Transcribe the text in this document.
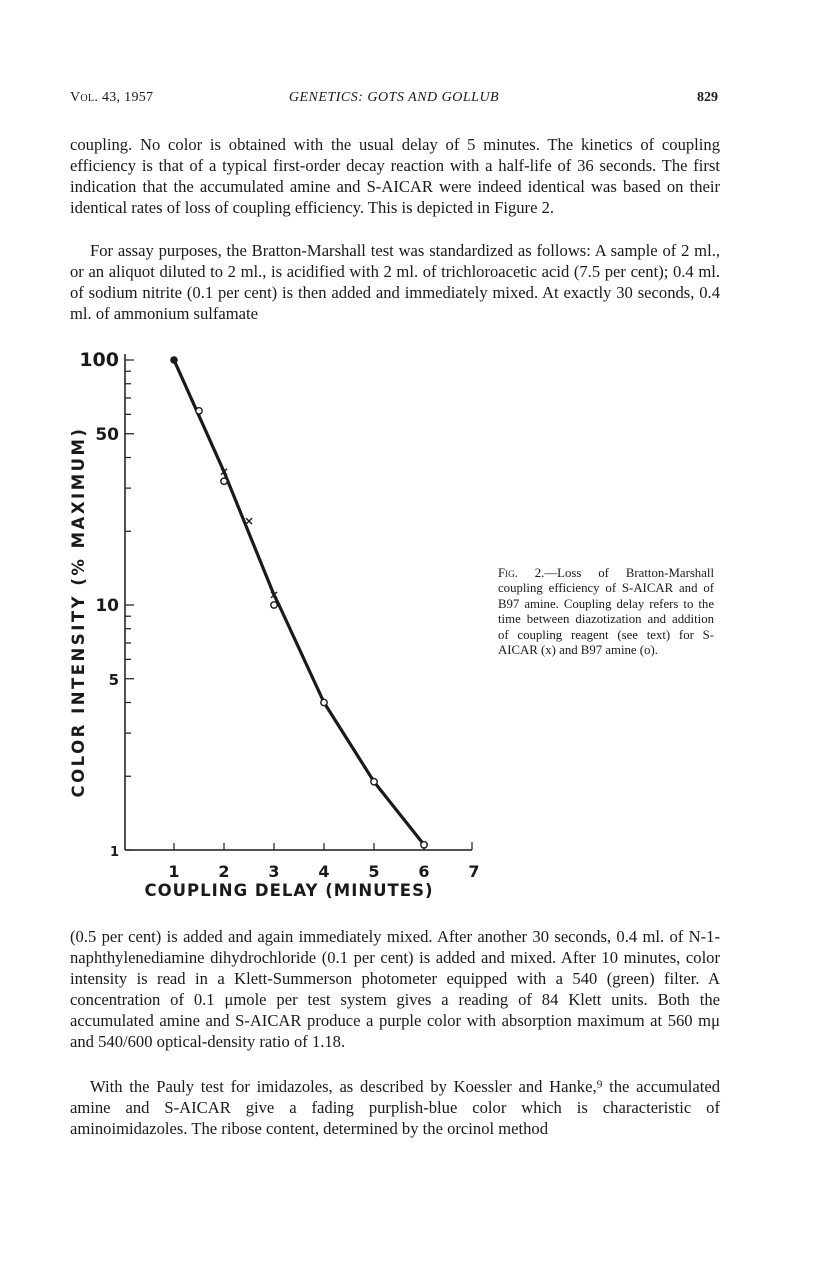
Vol. 43, 1957	GENETICS: GOTS AND GOLLUB	829

coupling. No color is obtained with the usual delay of 5 minutes. The kinetics of coupling efficiency is that of a typical first-order decay reaction with a half-life of 36 seconds. The first indication that the accumulated amine and S-AICAR were indeed identical was based on their identical rates of loss of coupling efficiency. This is depicted in Figure 2.

For assay purposes, the Bratton-Marshall test was standardized as follows: A sample of 2 ml., or an aliquot diluted to 2 ml., is acidified with 2 ml. of trichloroacetic acid (7.5 per cent); 0.4 ml. of sodium nitrite (0.1 per cent) is then added and immediately mixed. At exactly 30 seconds, 0.4 ml. of ammonium sulfamate

1
5
10
50
100
1 2 3 4 5 6 7
COUPLING DELAY (MINUTES)
COLOR INTENSITY (% MAXIMUM)	Fig. 2.—Loss of Bratton-Marshall coupling efficiency of S-AICAR and of B97 amine. Coupling delay refers to the time between diazotization and addition of coupling reagent (see text) for S-AICAR (x) and B97 amine (o).

(0.5 per cent) is added and again immediately mixed. After another 30 seconds, 0.4 ml. of N-1-naphthylenediamine dihydrochloride (0.1 per cent) is added and mixed. After 10 minutes, color intensity is read in a Klett-Summerson photometer equipped with a 540 (green) filter. A concentration of 0.1 μmole per test system gives a reading of 84 Klett units. Both the accumulated amine and S-AICAR produce a purple color with absorption maximum at 560 mμ and 540/600 optical-density ratio of 1.18.

With the Pauly test for imidazoles, as described by Koessler and Hanke,⁹ the accumulated amine and S-AICAR give a fading purplish-blue color which is characteristic of aminoimidazoles. The ribose content, determined by the orcinol method
